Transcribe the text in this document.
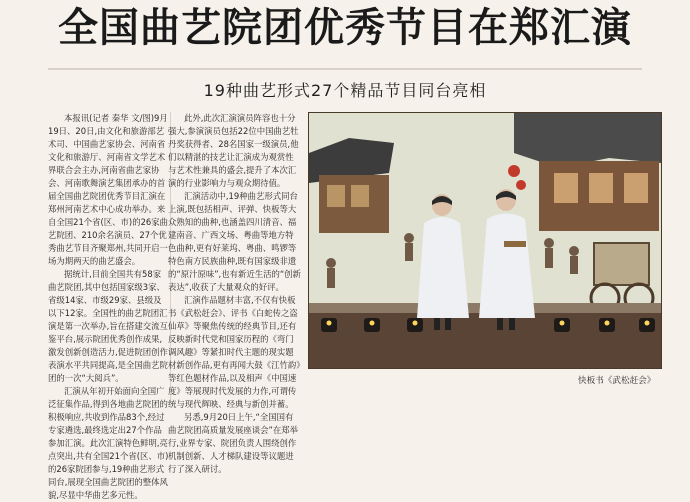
全国曲艺院团优秀节目在郑汇演
19种曲艺形式27个精品节目同台亮相

本报讯(记者 秦华 文/图)9月19日、20日,由文化和旅游部艺术司、中国曲艺家协会、河南省文化和旅游厅、河南省文学艺术界联合会主办,河南省曲艺家协会、河南歌舞演艺集团承办的首届全国曲艺院团优秀节目汇演在郑州河南艺术中心成功举办。来自全国21个省(区、市)的26家曲艺院团、210余名演员、27个优秀曲艺节目齐聚郑州,共同开启一场为期两天的曲艺盛会。

据统计,目前全国共有58家曲艺院团,其中包括国家级3家、省级14家、市级29家、县级及以下12家。全国性的曲艺院团汇演是第一次举办,旨在搭建交流互鉴平台,展示院团优秀创作成果,激发创新创造活力,促进院团创作表演水平共同提高,是全国曲艺院团的一次“大阅兵”。

汇演从年初开始面向全国广泛征集作品,得到各地曲艺院团的积极响应,共收到作品83个,经过专家遴选,最终选定出27个作品参加汇演。此次汇演特色鲜明,亮点突出,共有全国21个省(区、市)的26家院团参与,19种曲艺形式同台,展现全国曲艺院团的整体风貌,尽显中华曲艺多元性。

此外,此次汇演演员阵容也十分强大,参演演员包括22位中国曲艺牡丹奖获得者、28名国家一级演员,他们以精湛的技艺让汇演成为观赏性与艺术性兼具的盛会,提升了本次汇演的行业影响力与观众期待值。

汇演活动中,19种曲艺形式同台上演,既包括相声、评弹、快板等大众熟知的曲种,也涵盖四川清音、福建南音、广西文场、粤曲等地方特色曲种,更有好莱坞、粤曲、鸣锣等特色南方民族曲种,既有国家级非遗的“原汁原味”,也有新近生活的“创新表达”,收获了大量观众的好评。

汇演作品题材丰富,不仅有快板书《武松赶会》、评书《白蛇传之盗仙草》等聚焦传统的经典节目,还有反映新时代党和国家历程的《弯门调风趣》等紧扣时代主题的现实题材新创作品,更有再闻大鼓《江竹韵》等红色题材作品,以及相声《中国速度》等展现时代发展的力作,可谓传统与现代辉映、经典与新创并蓄。

另悉,9月20日上午,“全国国有曲艺院团高质量发展座谈会”在郑举行,业界专家、院团负责人围绕创作机制创新、人才梯队建设等议题进行了深入研讨。

快板书《武松赶会》
